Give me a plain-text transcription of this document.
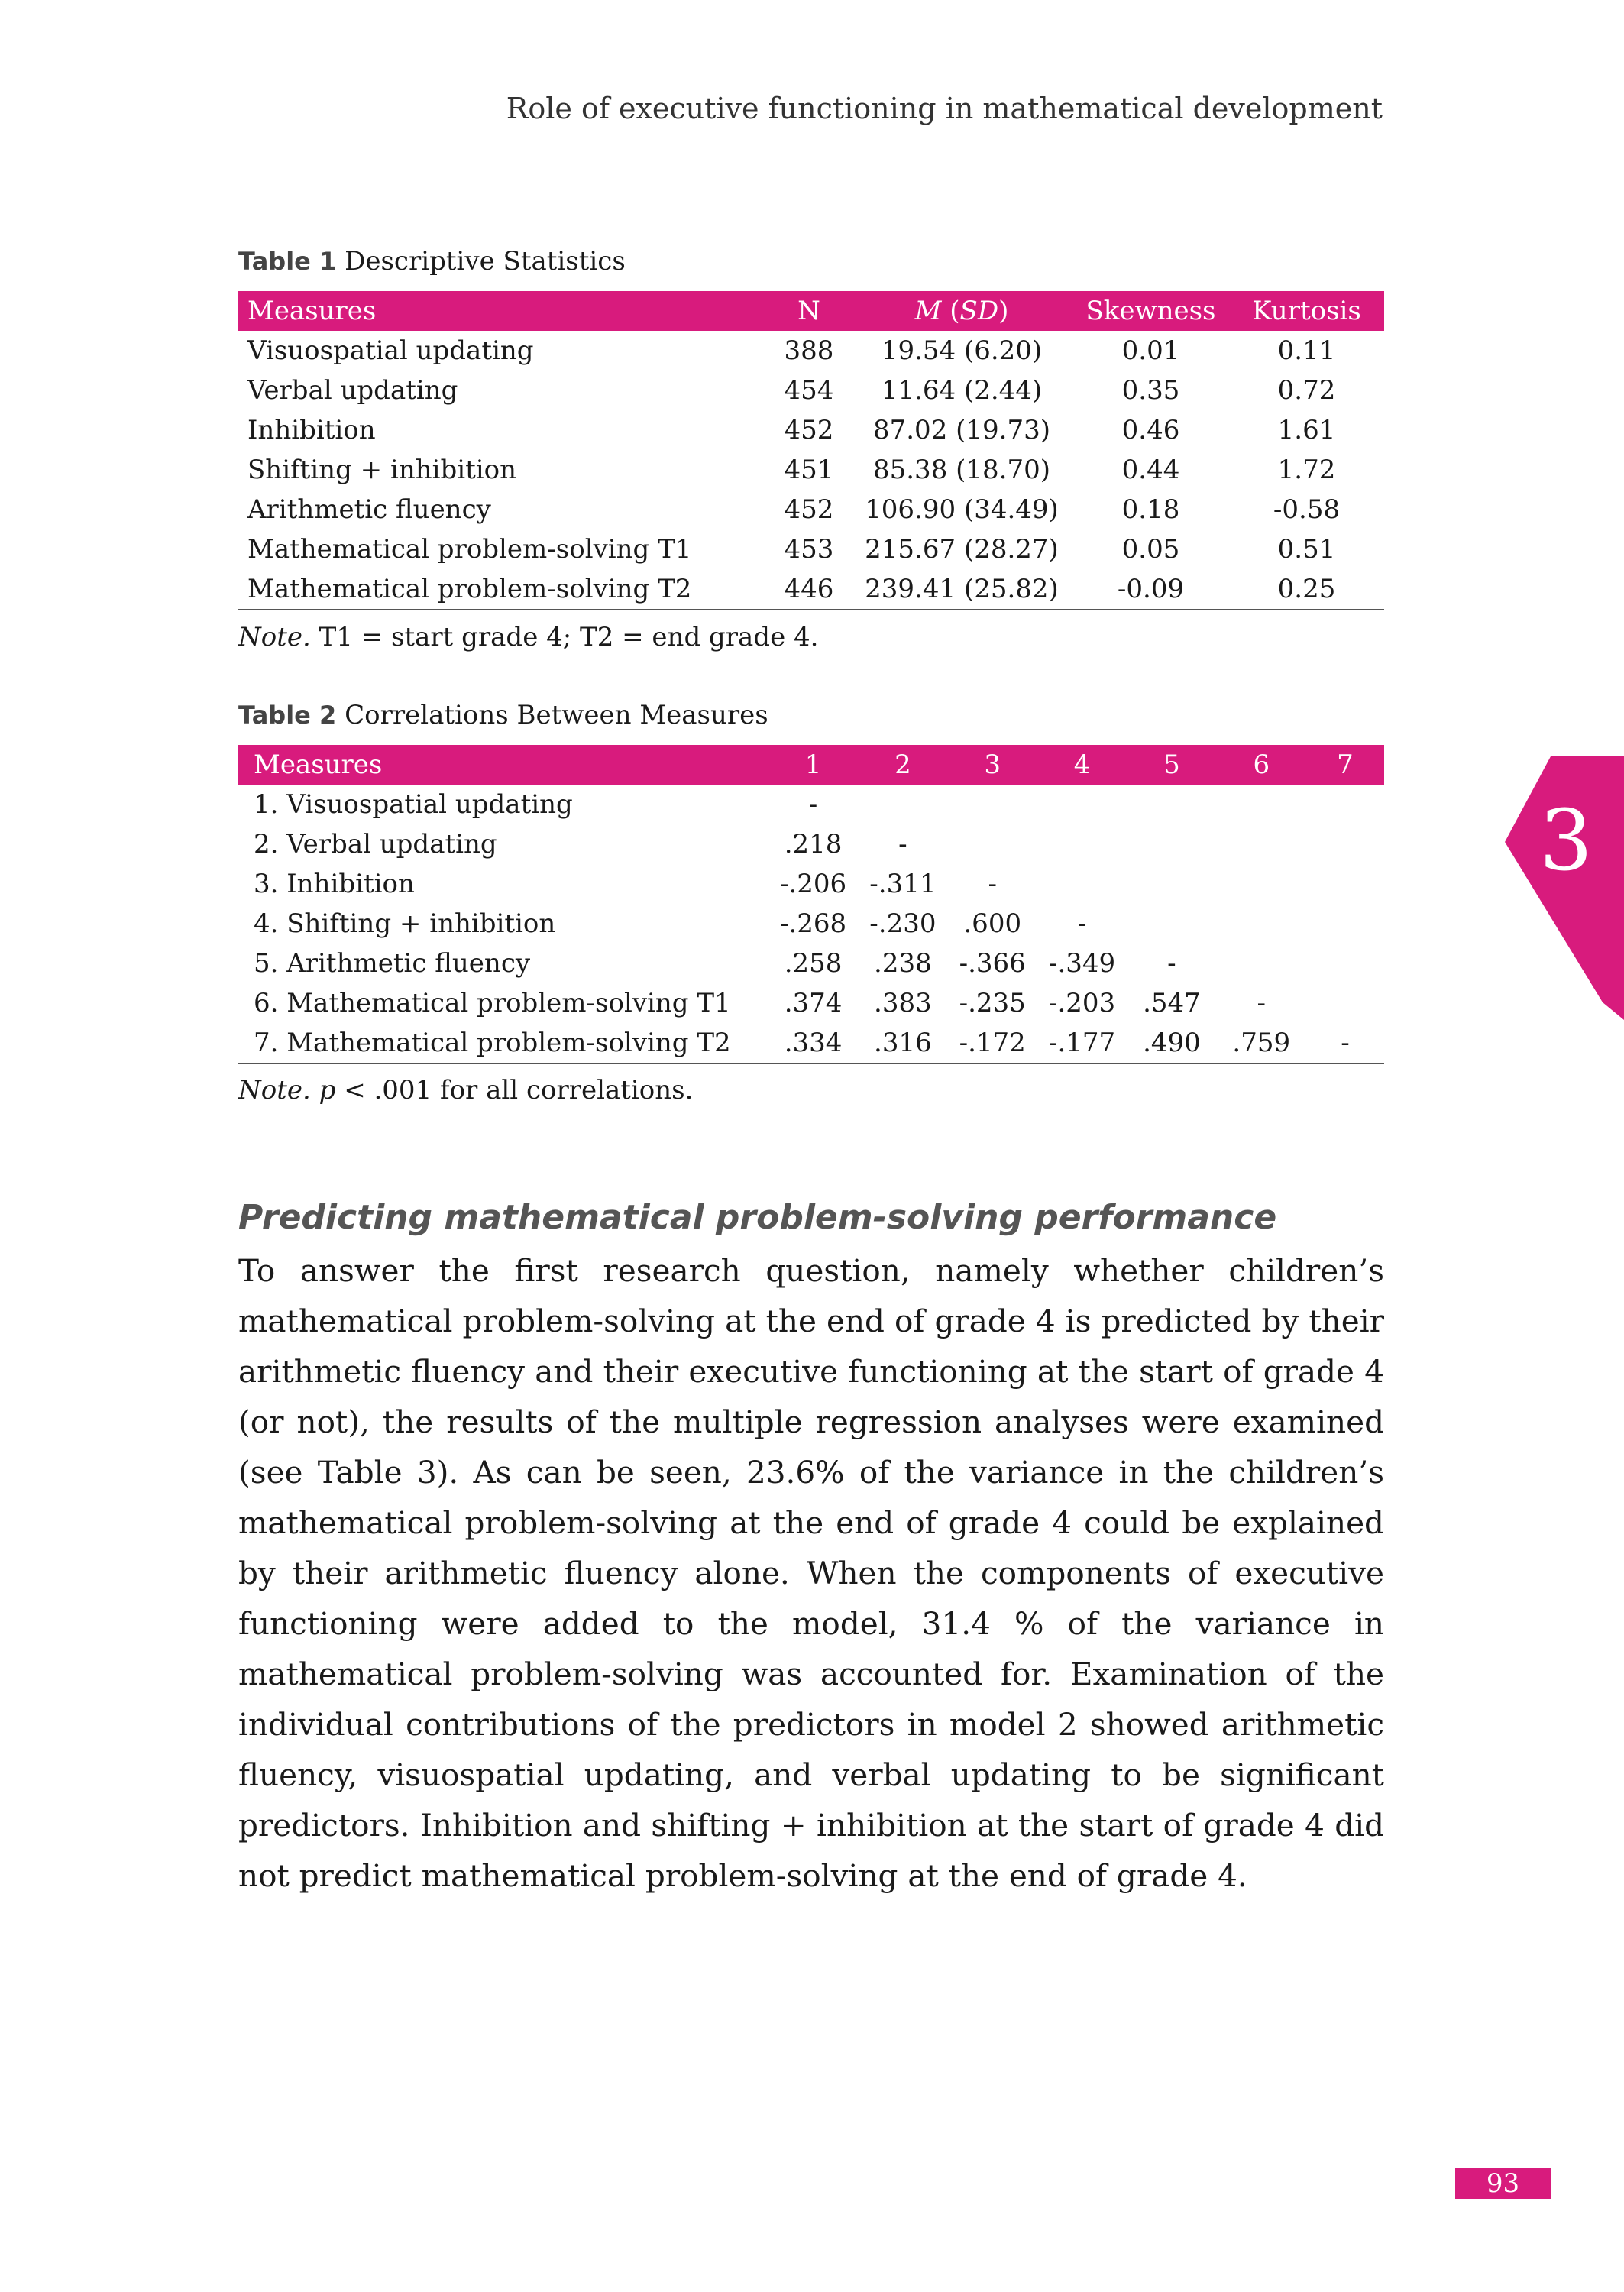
Role of executive functioning in mathematical development
Table 1 Descriptive Statistics
Measures	N	M (SD)	Skewness	Kurtosis
Visuospatial updating	388	19.54 (6.20)	0.01	0.11
Verbal updating	454	11.64 (2.44)	0.35	0.72
Inhibition	452	87.02 (19.73)	0.46	1.61
Shifting + inhibition	451	85.38 (18.70)	0.44	1.72
Arithmetic fluency	452	106.90 (34.49)	0.18	-0.58
Mathematical problem-solving T1	453	215.67 (28.27)	0.05	0.51
Mathematical problem-solving T2	446	239.41 (25.82)	-0.09	0.25
Note. T1 = start grade 4; T2 = end grade 4.
Table 2 Correlations Between Measures
Measures	1	2	3	4	5	6	7
1. Visuospatial updating	-						
2. Verbal updating	.218	-					
3. Inhibition	-.206	-.311	-				
4. Shifting + inhibition	-.268	-.230	.600	-			
5. Arithmetic fluency	.258	.238	-.366	-.349	-		
6. Mathematical problem-solving T1	.374	.383	-.235	-.203	.547	-	
7. Mathematical problem-solving T2	.334	.316	-.172	-.177	.490	.759	-
Note. p < .001 for all correlations.
Predicting mathematical problem-solving performance
To answer the first research question, namely whether children’s mathematical problem-solving at the end of grade 4 is predicted by their arithmetic fluency and their executive functioning at the start of grade 4 (or not), the results of the multiple regression analyses were examined (see Table 3). As can be seen, 23.6% of the variance in the children’s mathematical problem-solving at the end of grade 4 could be explained by their arithmetic fluency alone. When the components of executive functioning were added to the model, 31.4 % of the variance in mathematical problem-solving was accounted for. Examination of the individual contributions of the predictors in model 2 showed arithmetic fluency, visuospatial updating, and verbal updating to be significant predictors. Inhibition and shifting + inhibition at the start of grade 4 did not predict mathematical problem-solving at the end of grade 4.
3
93
